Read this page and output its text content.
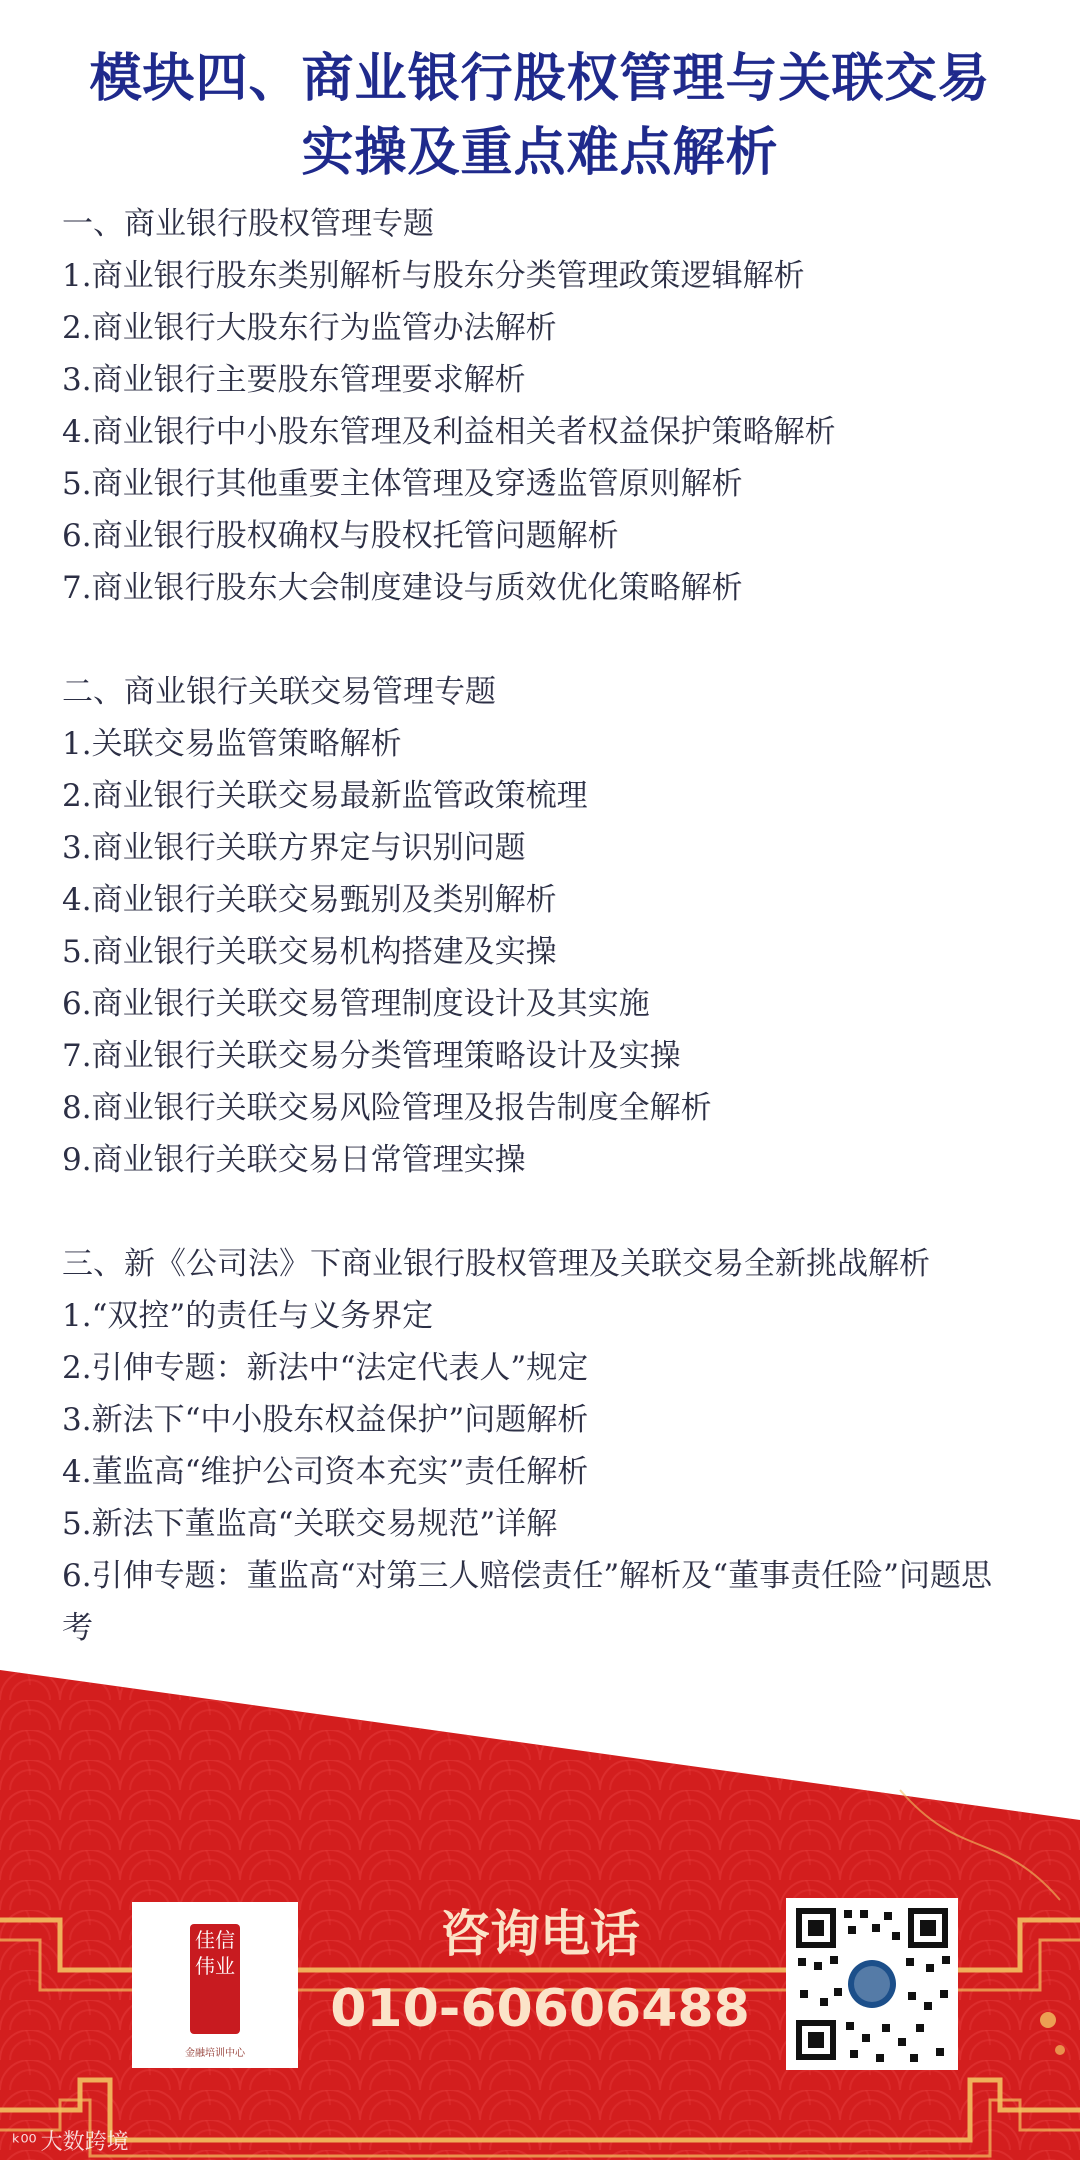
模块四、商业银行股权管理与关联交易
实操及重点难点解析
一、商业银行股权管理专题
1.商业银行股东类别解析与股东分类管理政策逻辑解析
2.商业银行大股东行为监管办法解析
3.商业银行主要股东管理要求解析
4.商业银行中小股东管理及利益相关者权益保护策略解析
5.商业银行其他重要主体管理及穿透监管原则解析
6.商业银行股权确权与股权托管问题解析
7.商业银行股东大会制度建设与质效优化策略解析
二、商业银行关联交易管理专题
1.关联交易监管策略解析
2.商业银行关联交易最新监管政策梳理
3.商业银行关联方界定与识别问题
4.商业银行关联交易甄别及类别解析
5.商业银行关联交易机构搭建及实操
6.商业银行关联交易管理制度设计及其实施
7.商业银行关联交易分类管理策略设计及实操
8.商业银行关联交易风险管理及报告制度全解析
9.商业银行关联交易日常管理实操
三、新《公司法》下商业银行股权管理及关联交易全新挑战解析
1.“双控”的责任与义务界定
2.引伸专题：新法中“法定代表人”规定
3.新法下“中小股东权益保护”问题解析
4.董监高“维护公司资本充实”责任解析
5.新法下董监高“关联交易规范”详解
6.引伸专题：董监高“对第三人赔偿责任”解析及“董事责任险”问题思考
佳信伟业
金融培训中心
咨询电话
010-60606488
ᵏ⁰⁰ 大数跨境
